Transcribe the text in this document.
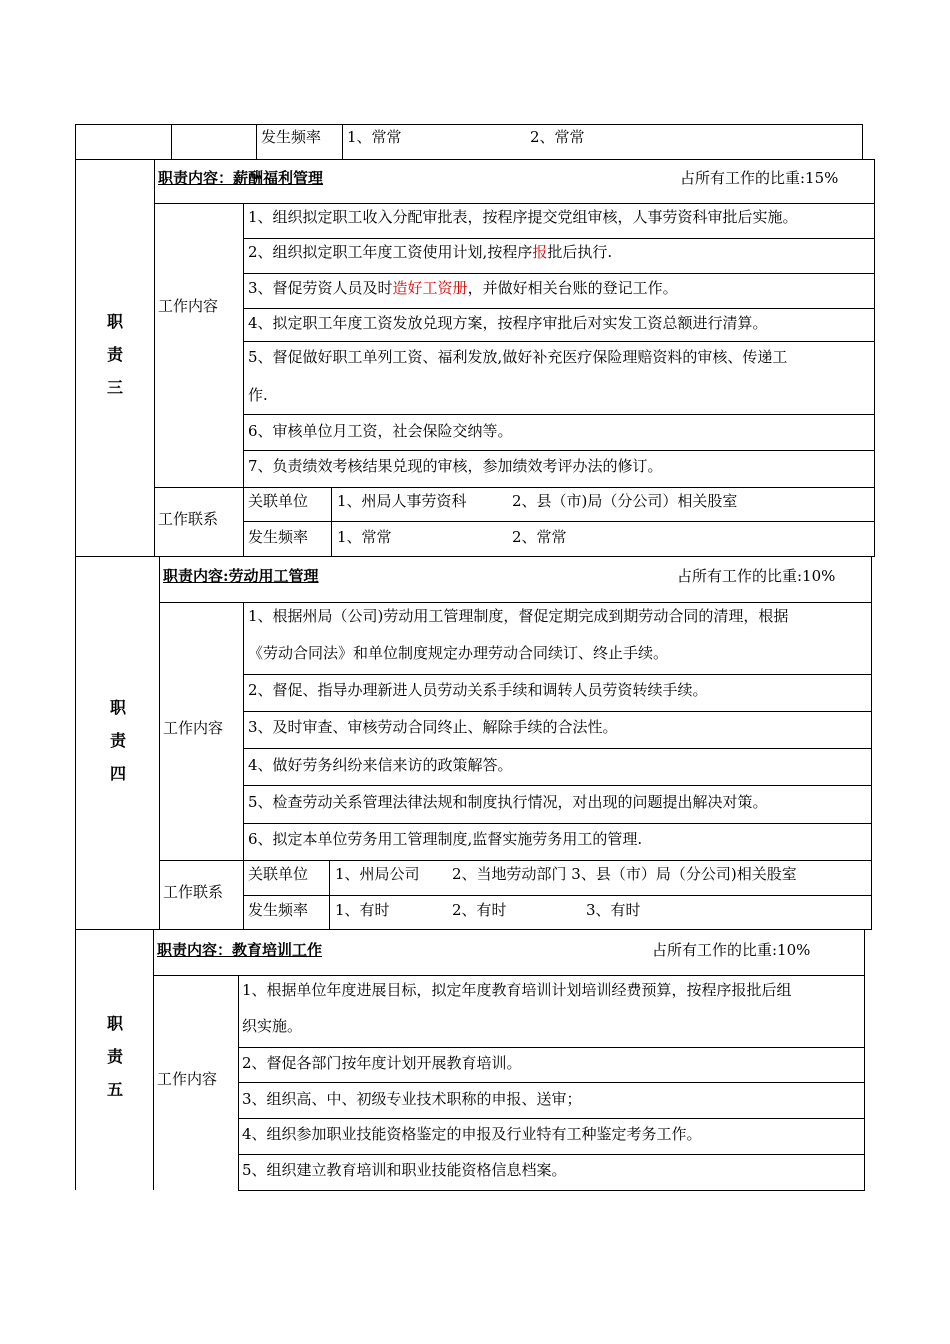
发生频率 1、常常	2、常常
职
责
三
职责内容：薪酬福利管理	占所有工作的比重:15%
工作内容
1、组织拟定职工收入分配审批表，按程序提交党组审核，人事劳资科审批后实施。
2、组织拟定职工年度工资使用计划,按程序报批后执行.
3、督促劳资人员及时造好工资册，并做好相关台账的登记工作。
4、拟定职工年度工资发放兑现方案，按程序审批后对实发工资总额进行清算。
5、督促做好职工单列工资、福利发放,做好补充医疗保险理赔资料的审核、传递工
作.
6、审核单位月工资，社会保险交纳等。
7、负责绩效考核结果兑现的审核，参加绩效考评办法的修订。
工作联系
关联单位 1、州局人事劳资科	2、县（市)局（分公司）相关股室
发生频率 1、常常	2、常常
职
责
四
职责内容:劳动用工管理	占所有工作的比重:10%
工作内容
1、根据州局（公司)劳动用工管理制度，督促定期完成到期劳动合同的清理，根据
《劳动合同法》和单位制度规定办理劳动合同续订、终止手续。
2、督促、指导办理新进人员劳动关系手续和调转人员劳资转续手续。
3、及时审查、审核劳动合同终止、解除手续的合法性。
4、做好劳务纠纷来信来访的政策解答。
5、检查劳动关系管理法律法规和制度执行情况，对出现的问题提出解决对策。
6、拟定本单位劳务用工管理制度,监督实施劳务用工的管理.
工作联系
关联单位 1、州局公司 2、当地劳动部门 3、县（市）局（分公司)相关股室
发生频率 1、有时	2、有时	3、有时
职
责
五
职责内容：教育培训工作	占所有工作的比重:10%
工作内容
1、根据单位年度进展目标，拟定年度教育培训计划培训经费预算，按程序报批后组
织实施。
2、督促各部门按年度计划开展教育培训。
3、组织高、中、初级专业技术职称的申报、送审；
4、组织参加职业技能资格鉴定的申报及行业特有工种鉴定考务工作。
5、组织建立教育培训和职业技能资格信息档案。
